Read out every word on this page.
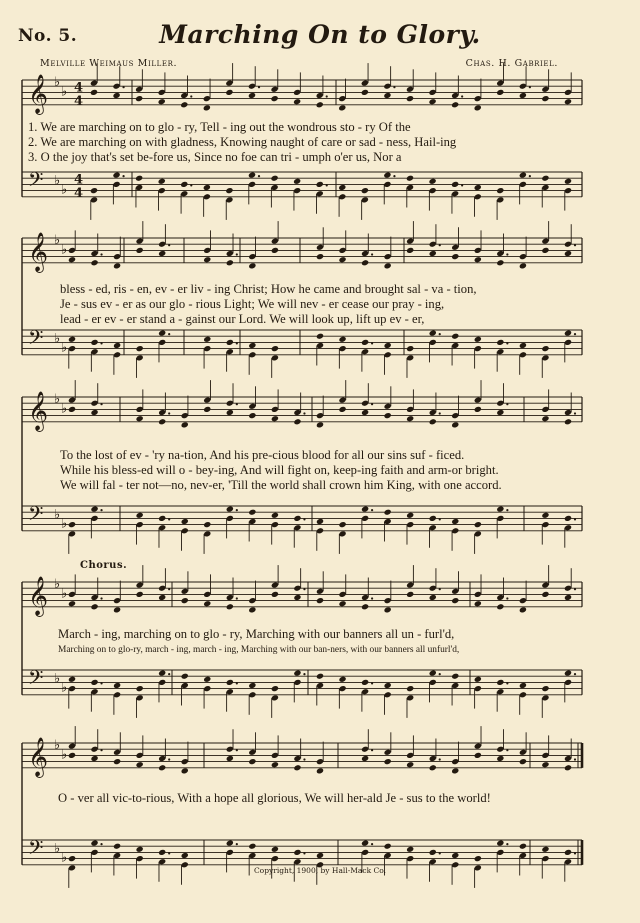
No. 5.	Marching On to Glory.
Melville Weimaus Miller.	Chas. H. Gabriel.
𝄞 ♭
♭ 4
4
𝄢 ♭
♭
4
4
𝄞 ♭
♭
𝄢 ♭
♭
𝄞 ♭
♭
𝄢 ♭
♭
𝄞 ♭
♭
𝄢 ♭
♭
𝄞 ♭
♭
𝄢 ♭
♭
1. We are marching on to glo - ry, Tell - ing out the wondrous sto - ry Of the
2. We are marching on with gladness, Knowing naught of care or sad - ness, Hail-ing
3. O the joy that's set be-fore us, Since no foe can tri - umph o'er us, Nor a
bless - ed, ris - en, ev - er liv - ing Christ; How he came and brought sal - va - tion,
Je - sus ev - er as our glo - rious Light; We will nev - er cease our pray - ing,
lead - er ev - er stand a - gainst our Lord. We will look up, lift up ev - er,
To the lost of ev - 'ry na-tion, And his pre-cious blood for all our sins suf - ficed.
While his bless-ed will o - bey-ing, And will fight on, keep-ing faith and arm-or bright.
We will fal - ter not—no, nev-er, 'Till the world shall crown him King, with one accord.
Chorus.
March - ing, marching on to glo - ry, Marching with our banners all un - furl'd,
Marching on to glo-ry, march - ing, march - ing, Marching with our ban-ners, with our banners all unfurl'd,
O - ver all vic-to-rious, With a hope all glorious, We will her-ald Je - sus to the world!
Copyright, 1900, by Hall-Mack Co.
